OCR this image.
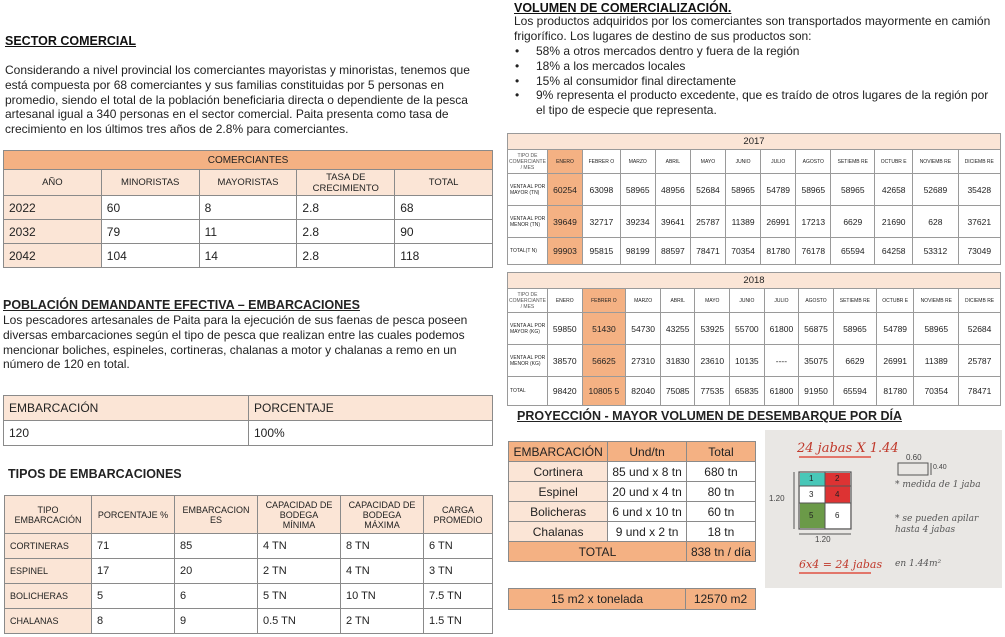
SECTOR COMERCIAL
Considerando a nivel provincial los comerciantes mayoristas y minoristas, tenemos que está compuesta por 68 comerciantes y sus familias constituidas por 5 personas en promedio, siendo el total de la población beneficiaria directa o dependiente de la pesca artesanal igual a 340 personas en el sector comercial. Paita presenta como tasa de crecimiento en los últimos tres años de 2.8% para comerciantes.
COMERCIANTES				
AÑO	MINORISTAS	MAYORISTAS	TASA DE CRECIMIENTO	TOTAL
2022	60	8	2.8	68
2032	79	11	2.8	90
2042	104	14	2.8	118
POBLACIÓN DEMANDANTE EFECTIVA – EMBARCACIONES
Los pescadores artesanales de Paita para la ejecución de sus faenas de pesca poseen diversas embarcaciones según el tipo de pesca que realizan entre las cuales podemos mencionar boliches, espineles, cortineras, chalanas a motor y chalanas a remo en un número de 120 en total.
EMBARCACIÓN	PORCENTAJE
120	100%
TIPOS DE EMBARCACIONES
TIPO EMBARCACIÓN	PORCENTAJE %	EMBARCACION ES	CAPACIDAD DE BODEGA MÍNIMA	CAPACIDAD DE BODEGA MÁXIMA	CARGA PROMEDIO
CORTINERAS	71	85	4 TN	8 TN	6 TN
ESPINEL	17	20	2 TN	4 TN	3 TN
BOLICHERAS	5	6	5 TN	10 TN	7.5 TN
CHALANAS	8	9	0.5 TN	2 TN	1.5 TN
VOLUMEN DE COMERCIALIZACIÓN.
Los productos adquiridos por los comerciantes son transportados mayormente en camión frigorífico. Los lugares de destino de sus productos son:
• 58% a otros mercados dentro y fuera de la región
• 18% a los mercados locales
• 15% al consumidor final directamente
• 9% representa el producto excedente, que es traído de otros lugares de la región por el tipo de especie que representa.
2017												
TIPO DE COMERCIANTE / MES	ENERO	FEBRER O	MARZO	ABRIL	MAYO	JUNIO	JULIO	AGOSTO	SETIEMB RE	OCTUBR E	NOVIEMB RE	DICIEMB RE
VENTA AL POR MAYOR (TN)	60254	63098	58965	48956	52684	58965	54789	58965	58965	42658	52689	35428
VENTA AL POR MENOR (TN)	39649	32717	39234	39641	25787	11389	26991	17213	6629	21690	628	37621
TOTAL(T N)	99903	95815	98199	88597	78471	70354	81780	76178	65594	64258	53312	73049
2018												
TIPO DE COMERCIANTE / MES	ENERO	FEBRER O	MARZO	ABRIL	MAYO	JUNIO	JULIO	AGOSTO	SETIEMB RE	OCTUBR E	NOVIEMB RE	DICIEMB RE
VENTA AL POR MAYOR (KG)	59850	51430	54730	43255	53925	55700	61800	56875	58965	54789	58965	52684
VENTA AL POR MENOR (KG)	38570	56625	27310	31830	23610	10135	----	35075	6629	26991	11389	25787
TOTAL	98420	10805 5	82040	75085	77535	65835	61800	91950	65594	81780	70354	78471
PROYECCIÓN - MAYOR VOLUMEN DE DESEMBARQUE POR DÍA
EMBARCACIÓN	Und/tn	Total
Cortinera	85 und x 8 tn	680 tn
Espinel	20 und x 4 tn	80 tn
Bolicheras	6 und x 10 tn	60 tn
Chalanas	9 und x 2 tn	18 tn
TOTAL		838 tn / día
15 m2 x tonelada	12570 m2
24 jabas X 1.44
1.20
1.20
0.60
0.40
1	2
3	4
5	6
* medida de 1 jaba
* se pueden apilar hasta 4 jabas
6x4 = 24 jabas en 1.44m²
